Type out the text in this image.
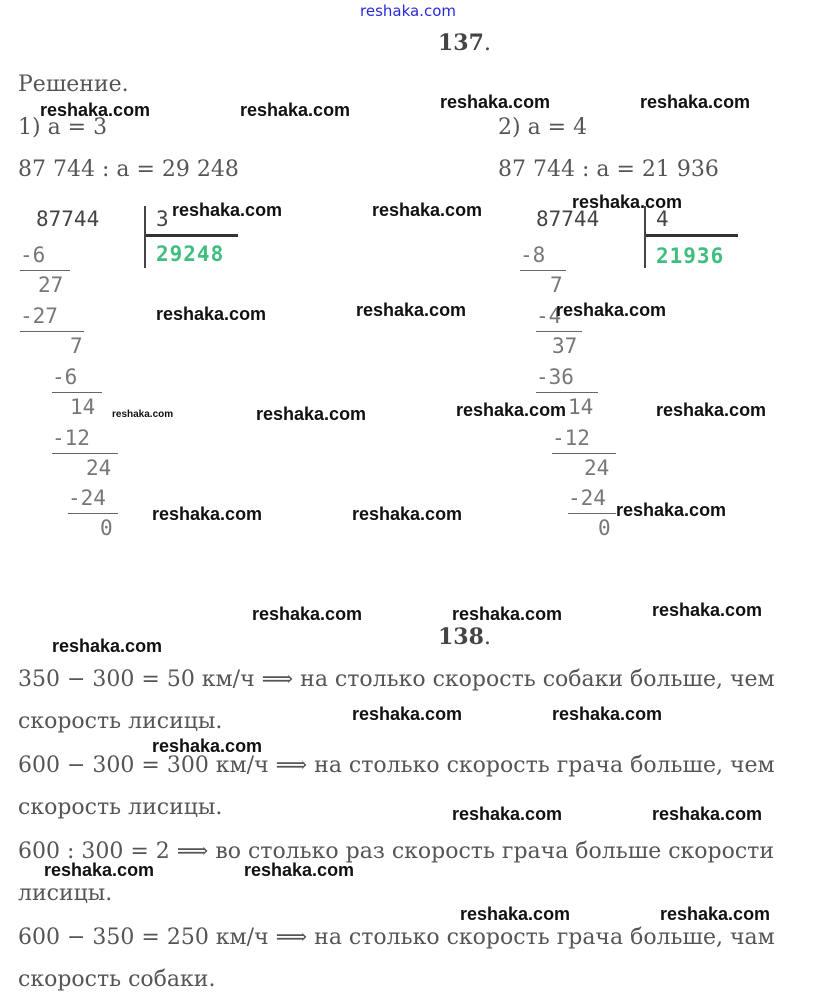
reshaka.com
137.
Решение.
1) a = 3	2) a = 4
87 744 : a = 29 248	87 744 : a = 21 936
87744	3
29248
-6
27
-27
7
-6
14
-12
24
-24
0
87744	4
21936
-8
7
-4
37
-36
14
-12
24
-24
0
138.
350 − 300 = 50 км/ч ⟹ на столько скорость собаки больше, чем
скорость лисицы.
600 − 300 = 300 км/ч ⟹ на столько скорость грача больше, чем
скорость лисицы.
600 : 300 = 2 ⟹ во столько раз скорость грача больше скорости
лисицы.
600 − 350 = 250 км/ч ⟹ на столько скорость грача больше, чам
скорость собаки.
reshaka.com	reshaka.com	reshaka.com	reshaka.com
reshaka.com	reshaka.com	reshaka.com
reshaka.com	reshaka.com	reshaka.com
reshaka.com	reshaka.com	reshaka.com	reshaka.com
reshaka.com	reshaka.com	reshaka.com
reshaka.com	reshaka.com	reshaka.com
reshaka.com
reshaka.com	reshaka.com
reshaka.com
reshaka.com	reshaka.com
reshaka.com	reshaka.com
reshaka.com	reshaka.com
